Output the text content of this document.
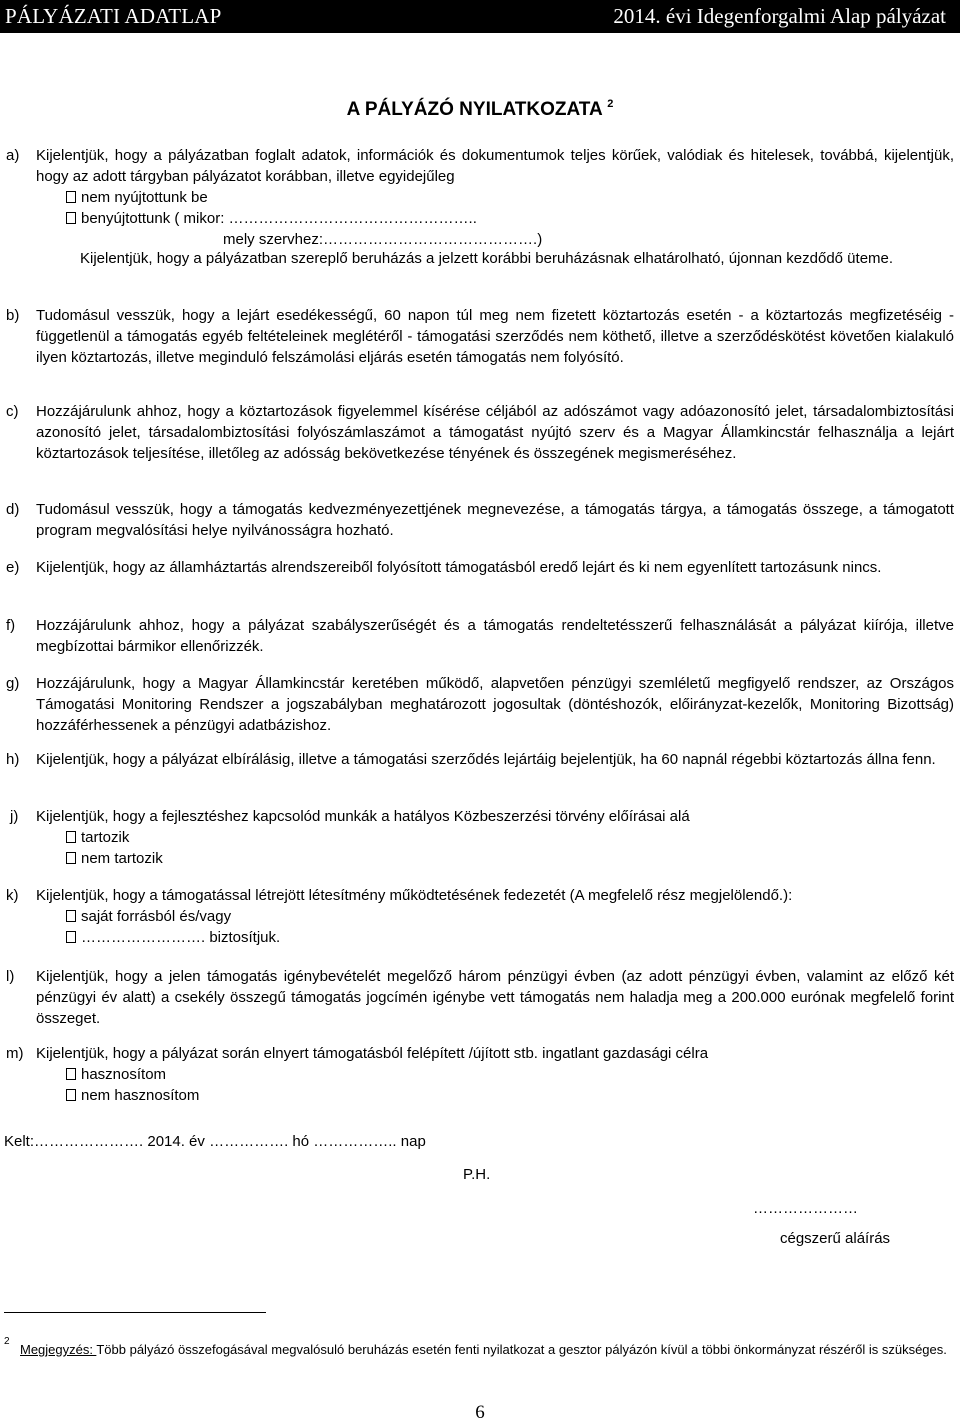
PÁLYÁZATI ADATLAP	2014. évi Idegenforgalmi Alap pályázat
A PÁLYÁZÓ NYILATKOZATA $^2$
a) Kijelentjük, hogy a pályázatban foglalt adatok, információk és dokumentumok teljes körűek, valódiak és hitelesek, továbbá, kijelentjük, hogy az adott tárgyban pályázatot korábban, illetve egyidejűleg
nem nyújtottunk be
benyújtottunk ( mikor: …………………………………………..
mely szervhez:…………………………………….)
Kijelentjük, hogy a pályázatban szereplő beruházás a jelzett korábbi beruházásnak elhatárolható, újonnan kezdődő üteme.
b) Tudomásul vesszük, hogy a lejárt esedékességű, 60 napon túl meg nem fizetett köztartozás esetén - a köztartozás megfizetéséig - függetlenül a támogatás egyéb feltételeinek meglétéről - támogatási szerződés nem köthető, illetve a szerződéskötést követően kialakuló ilyen köztartozás, illetve meginduló felszámolási eljárás esetén támogatás nem folyósító.
c) Hozzájárulunk ahhoz, hogy a köztartozások figyelemmel kísérése céljából az adószámot vagy adóazonosító jelet, társadalombiztosítási azonosító jelet, társadalombiztosítási folyószámlaszámot a támogatást nyújtó szerv és a Magyar Államkincstár felhasználja a lejárt köztartozások teljesítése, illetőleg az adósság bekövetkezése tényének és összegének megismeréséhez.
d) Tudomásul vesszük, hogy a támogatás kedvezményezettjének megnevezése, a támogatás tárgya, a támogatás összege, a támogatott program megvalósítási helye nyilvánosságra hozható.
e) Kijelentjük, hogy az államháztartás alrendszereiből folyósított támogatásból eredő lejárt és ki nem egyenlített tartozásunk nincs.
f) Hozzájárulunk ahhoz, hogy a pályázat szabályszerűségét és a támogatás rendeltetésszerű felhasználását a pályázat kiírója, illetve megbízottai bármikor ellenőrizzék.
g) Hozzájárulunk, hogy a Magyar Államkincstár keretében működő, alapvetően pénzügyi szemléletű megfigyelő rendszer, az Országos Támogatási Monitoring Rendszer a jogszabályban meghatározott jogosultak (döntéshozók, előirányzat-kezelők, Monitoring Bizottság) hozzáférhessenek a pénzügyi adatbázishoz.
h) Kijelentjük, hogy a pályázat elbírálásig, illetve a támogatási szerződés lejártáig bejelentjük, ha 60 napnál régebbi köztartozás állna fenn.
j) Kijelentjük, hogy a fejlesztéshez kapcsolód munkák a hatályos Közbeszerzési törvény előírásai alá
tartozik
nem tartozik
k) Kijelentjük, hogy a támogatással létrejött létesítmény működtetésének fedezetét (A megfelelő rész megjelölendő.):
saját forrásból és/vagy
……………………. biztosítjuk.
l) Kijelentjük, hogy a jelen támogatás igénybevételét megelőző három pénzügyi évben (az adott pénzügyi évben, valamint az előző két pénzügyi év alatt) a csekély összegű támogatás jogcímén igénybe vett támogatás nem haladja meg a 200.000 eurónak megfelelő forint összeget.
m) Kijelentjük, hogy a pályázat során elnyert támogatásból felépített /újított stb. ingatlant gazdasági célra
hasznosítom
nem hasznosítom
Kelt:…………………. 2014. év ……………. hó …………….. nap
P.H.
…………………
cégszerű aláírás
2
Megjegyzés: Több pályázó összefogásával megvalósuló beruházás esetén fenti nyilatkozat a gesztor pályázón kívül a többi önkormányzat részéről is szükséges.
6
